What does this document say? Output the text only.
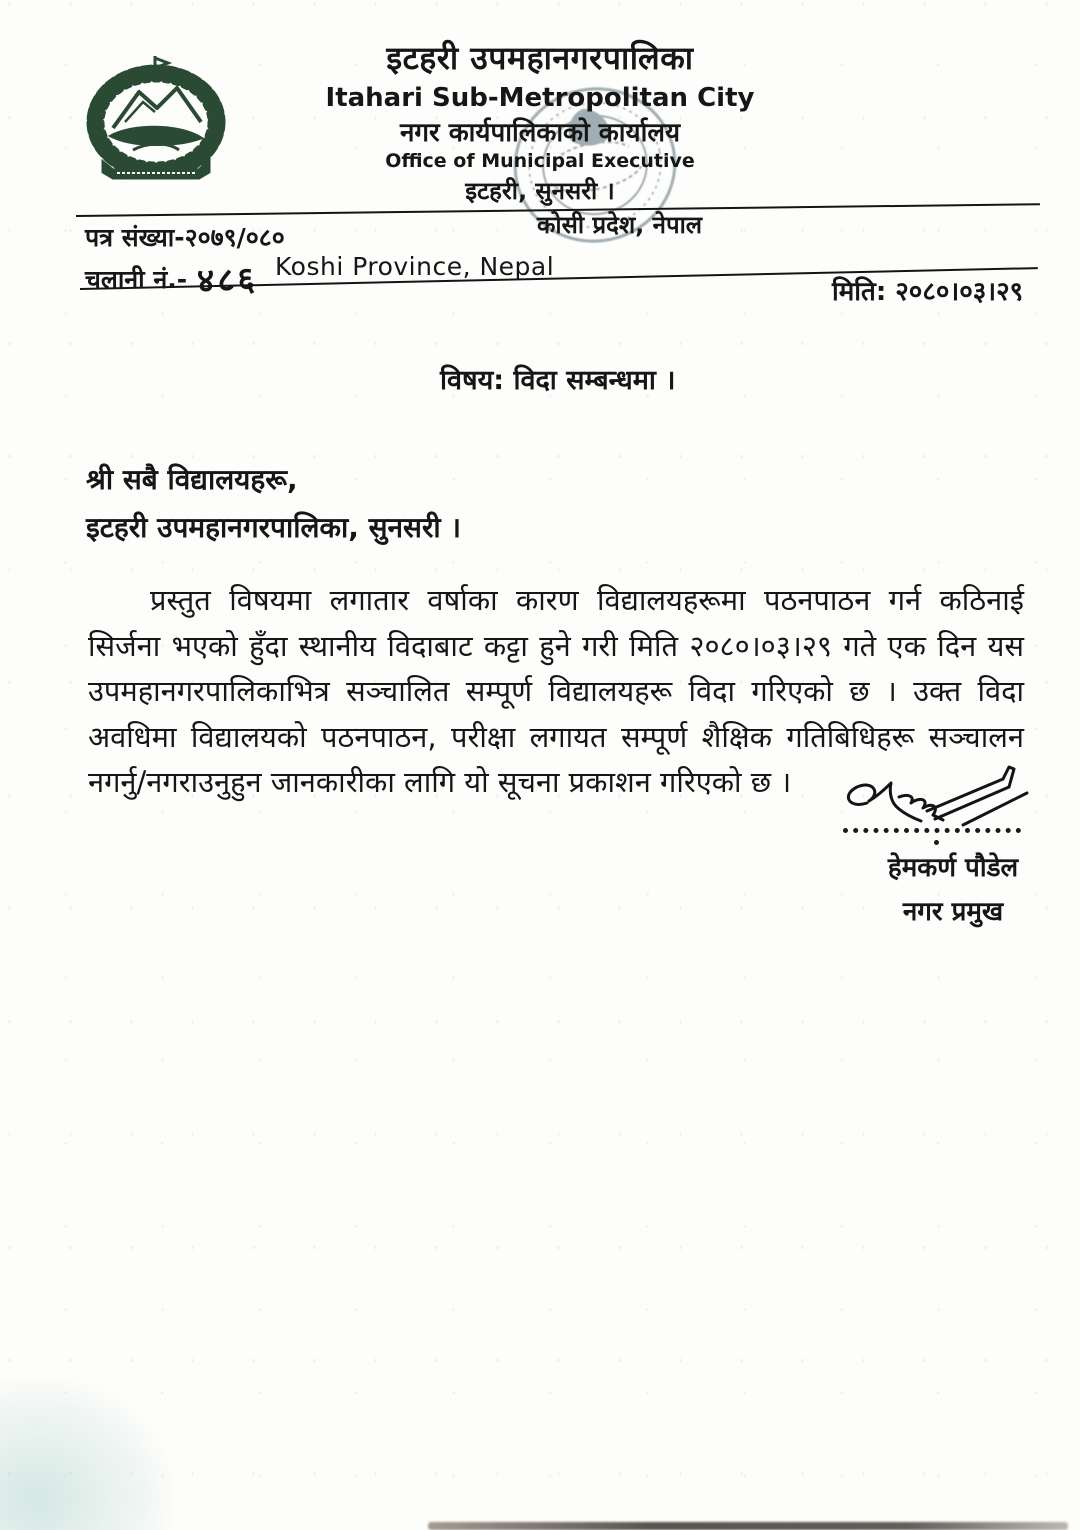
इटहरी उपमहानगरपालिका
Itahari Sub-Metropolitan City
नगर कार्यपालिकाको कार्यालय
Office of Municipal Executive
इटहरी, सुनसरी ।
पत्र संख्या-२०७९/०८०	कोसी प्रदेश, नेपाल
चलानी नं.- ४८६ Koshi Province, Nepal
मिति: २०८०।०३।२९
विषय: विदा सम्बन्धमा ।
श्री सबै विद्यालयहरू,
इटहरी उपमहानगरपालिका, सुनसरी ।
प्रस्तुत विषयमा लगातार वर्षाका कारण विद्यालयहरूमा पठनपाठन गर्न कठिनाई सिर्जना भएको हुँदा स्थानीय विदाबाट कट्टा हुने गरी मिति २०८०।०३।२९ गते एक दिन यस उपमहानगरपालिकाभित्र सञ्चालित सम्पूर्ण विद्यालयहरू विदा गरिएको छ । उक्त विदा अवधिमा विद्यालयको पठनपाठन, परीक्षा लगायत सम्पूर्ण शैक्षिक गतिबिधिहरू सञ्चालन नगर्नु/नगराउनुहुन जानकारीका लागि यो सूचना प्रकाशन गरिएको छ ।
हेमकर्ण पौडेल
नगर प्रमुख
